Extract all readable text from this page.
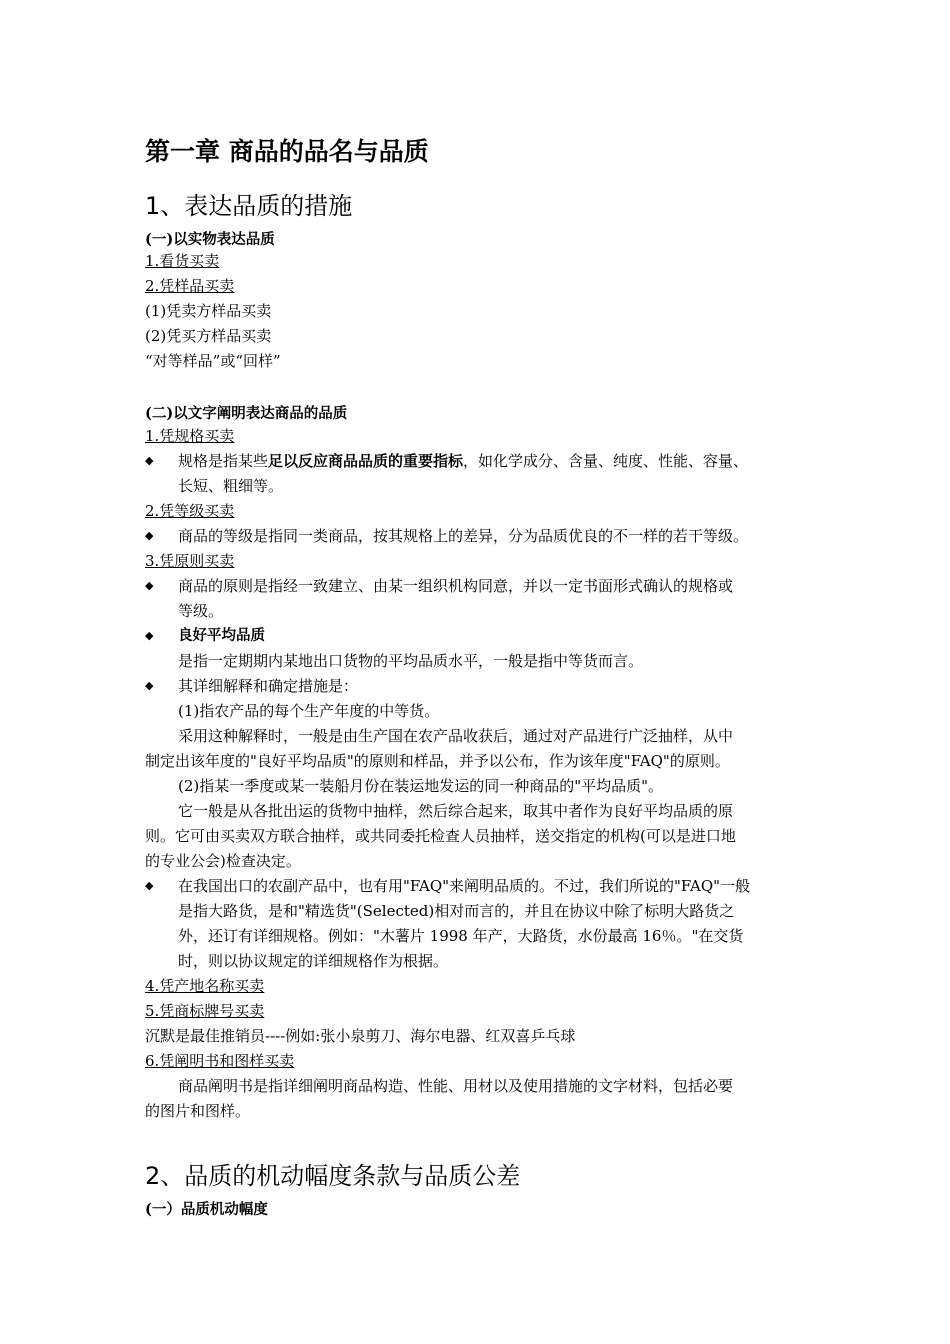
第一章 商品的品名与品质
1、表达品质的措施
(一)以实物表达品质
1.看货买卖
2.凭样品买卖
(1)凭卖方样品买卖
(2)凭买方样品买卖
“对等样品”或“回样”
(二)以文字阐明表达商品的品质
1.凭规格买卖
◆ 规格是指某些足以反应商品品质的重要指标，如化学成分、含量、纯度、性能、容量、
长短、粗细等。
2.凭等级买卖
◆ 商品的等级是指同一类商品，按其规格上的差异，分为品质优良的不一样的若干等级。
3.凭原则买卖
◆ 商品的原则是指经一致建立、由某一组织机构同意，并以一定书面形式确认的规格或
等级。
◆ 良好平均品质
是指一定期期内某地出口货物的平均品质水平，一般是指中等货而言。
◆ 其详细解释和确定措施是：
(1)指农产品的每个生产年度的中等货。
采用这种解释时，一般是由生产国在农产品收获后，通过对产品进行广泛抽样，从中
制定出该年度的"良好平均品质"的原则和样品，并予以公布，作为该年度"FAQ"的原则。
(2)指某一季度或某一装船月份在装运地发运的同一种商品的"平均品质"。
它一般是从各批出运的货物中抽样，然后综合起来，取其中者作为良好平均品质的原
则。它可由买卖双方联合抽样，或共同委托检查人员抽样，送交指定的机构(可以是进口地
的专业公会)检查决定。
◆ 在我国出口的农副产品中，也有用"FAQ"来阐明品质的。不过，我们所说的"FAQ"一般
是指大路货，是和"精选货"(Selected)相对而言的，并且在协议中除了标明大路货之
外，还订有详细规格。例如："木薯片 1998 年产，大路货，水份最高 16％。"在交货
时，则以协议规定的详细规格作为根据。
4.凭产地名称买卖
5.凭商标牌号买卖
沉默是最佳推销员----例如:张小泉剪刀、海尔电器、红双喜乒乓球
6.凭阐明书和图样买卖
商品阐明书是指详细阐明商品构造、性能、用材以及使用措施的文字材料，包括必要
的图片和图样。
2、品质的机动幅度条款与品质公差
(一）品质机动幅度
